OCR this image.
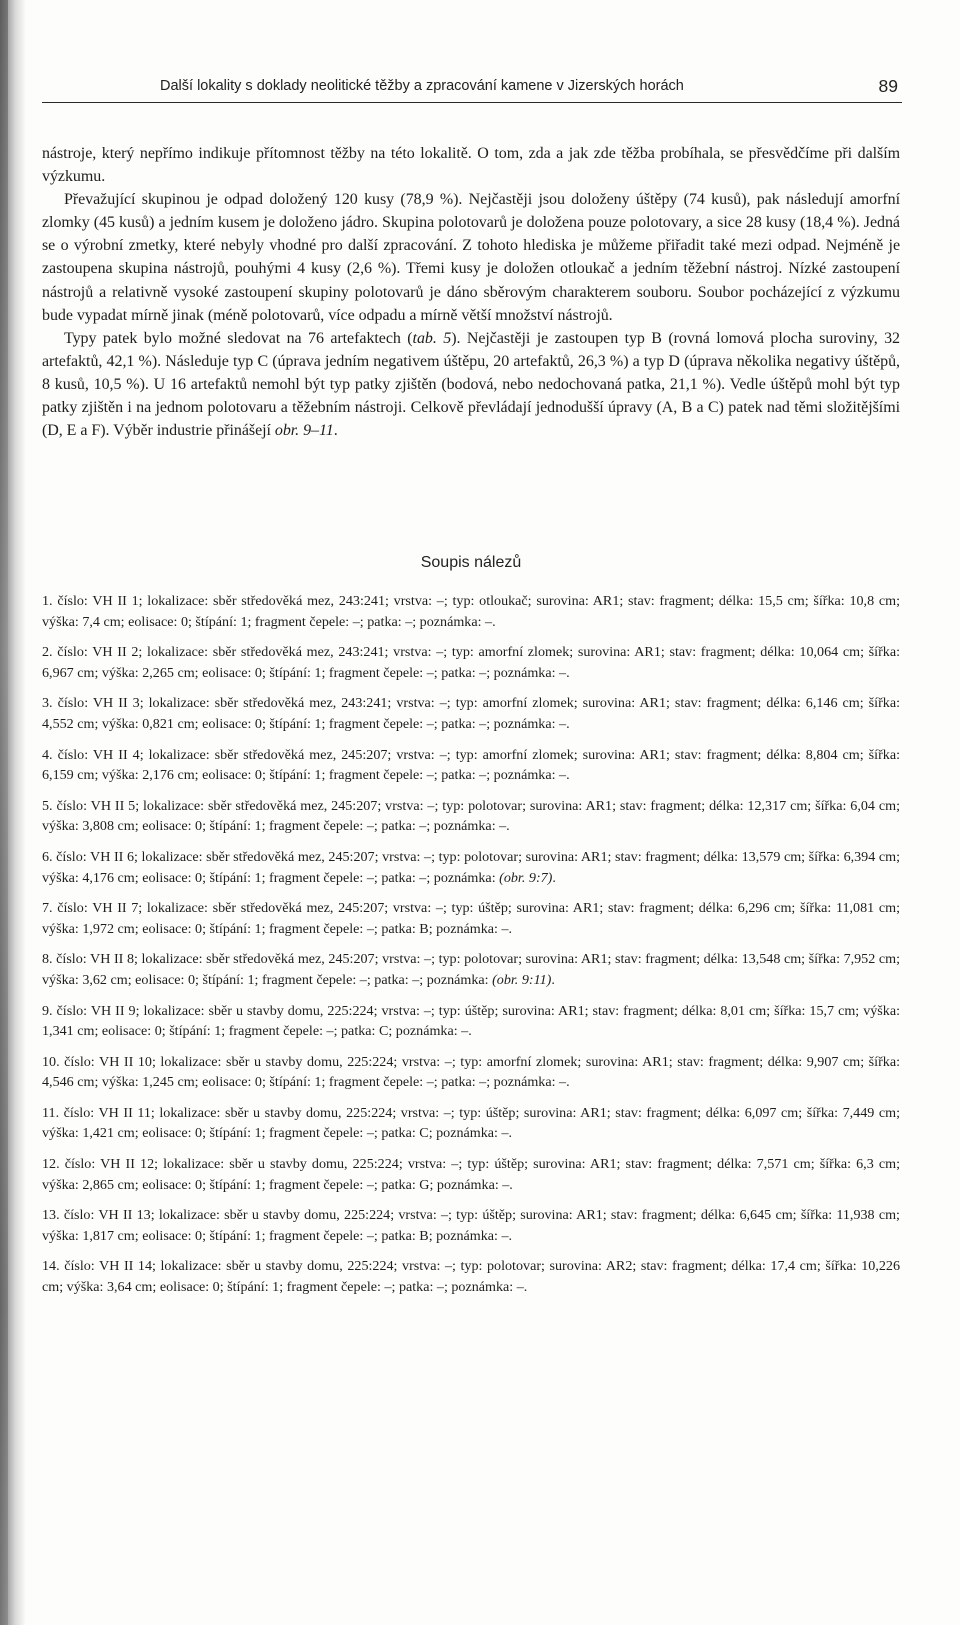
Další lokality s doklady neolitické těžby a zpracování kamene v Jizerských horách	89

nástroje, který nepřímo indikuje přítomnost těžby na této lokalitě. O tom, zda a jak zde těžba probíhala, se přesvědčíme při dalším výzkumu.

Převažující skupinou je odpad doložený 120 kusy (78,9 %). Nejčastěji jsou doloženy úštěpy (74 kusů), pak následují amorfní zlomky (45 kusů) a jedním kusem je doloženo jádro. Skupina polotovarů je doložena pouze polotovary, a sice 28 kusy (18,4 %). Jedná se o výrobní zmetky, které nebyly vhodné pro další zpracování. Z tohoto hlediska je můžeme přiřadit také mezi odpad. Nejméně je zastoupena skupina nástrojů, pouhými 4 kusy (2,6 %). Třemi kusy je doložen otloukač a jedním těžební nástroj. Nízké zastoupení nástrojů a relativně vysoké zastoupení skupiny polotovarů je dáno sběrovým charakterem souboru. Soubor pocházející z výzkumu bude vypadat mírně jinak (méně polotovarů, více odpadu a mírně větší množství nástrojů.

Typy patek bylo možné sledovat na 76 artefaktech (tab. 5). Nejčastěji je zastoupen typ B (rovná lomová plocha suroviny, 32 artefaktů, 42,1 %). Následuje typ C (úprava jedním negativem úštěpu, 20 artefaktů, 26,3 %) a typ D (úprava několika negativy úštěpů, 8 kusů, 10,5 %). U 16 artefaktů nemohl být typ patky zjištěn (bodová, nebo nedochovaná patka, 21,1 %). Vedle úštěpů mohl být typ patky zjištěn i na jednom polotovaru a těžebním nástroji. Celkově převládají jednodušší úpravy (A, B a C) patek nad těmi složitějšími (D, E a F). Výběr industrie přinášejí obr. 9–11.

Soupis nálezů

1. číslo: VH II 1; lokalizace: sběr středověká mez, 243:241; vrstva: –; typ: otloukač; surovina: AR1; stav: fragment; délka: 15,5 cm; šířka: 10,8 cm; výška: 7,4 cm; eolisace: 0; štípání: 1; fragment čepele: –; patka: –; poznámka: –.

2. číslo: VH II 2; lokalizace: sběr středověká mez, 243:241; vrstva: –; typ: amorfní zlomek; surovina: AR1; stav: fragment; délka: 10,064 cm; šířka: 6,967 cm; výška: 2,265 cm; eolisace: 0; štípání: 1; fragment čepele: –; patka: –; poznámka: –.

3. číslo: VH II 3; lokalizace: sběr středověká mez, 243:241; vrstva: –; typ: amorfní zlomek; surovina: AR1; stav: fragment; délka: 6,146 cm; šířka: 4,552 cm; výška: 0,821 cm; eolisace: 0; štípání: 1; fragment čepele: –; patka: –; poznámka: –.

4. číslo: VH II 4; lokalizace: sběr středověká mez, 245:207; vrstva: –; typ: amorfní zlomek; surovina: AR1; stav: fragment; délka: 8,804 cm; šířka: 6,159 cm; výška: 2,176 cm; eolisace: 0; štípání: 1; fragment čepele: –; patka: –; poznámka: –.

5. číslo: VH II 5; lokalizace: sběr středověká mez, 245:207; vrstva: –; typ: polotovar; surovina: AR1; stav: fragment; délka: 12,317 cm; šířka: 6,04 cm; výška: 3,808 cm; eolisace: 0; štípání: 1; fragment čepele: –; patka: –; poznámka: –.

6. číslo: VH II 6; lokalizace: sběr středověká mez, 245:207; vrstva: –; typ: polotovar; surovina: AR1; stav: fragment; délka: 13,579 cm; šířka: 6,394 cm; výška: 4,176 cm; eolisace: 0; štípání: 1; fragment čepele: –; patka: –; poznámka: (obr. 9:7).

7. číslo: VH II 7; lokalizace: sběr středověká mez, 245:207; vrstva: –; typ: úštěp; surovina: AR1; stav: fragment; délka: 6,296 cm; šířka: 11,081 cm; výška: 1,972 cm; eolisace: 0; štípání: 1; fragment čepele: –; patka: B; poznámka: –.

8. číslo: VH II 8; lokalizace: sběr středověká mez, 245:207; vrstva: –; typ: polotovar; surovina: AR1; stav: fragment; délka: 13,548 cm; šířka: 7,952 cm; výška: 3,62 cm; eolisace: 0; štípání: 1; fragment čepele: –; patka: –; poznámka: (obr. 9:11).

9. číslo: VH II 9; lokalizace: sběr u stavby domu, 225:224; vrstva: –; typ: úštěp; surovina: AR1; stav: fragment; délka: 8,01 cm; šířka: 15,7 cm; výška: 1,341 cm; eolisace: 0; štípání: 1; fragment čepele: –; patka: C; poznámka: –.

10. číslo: VH II 10; lokalizace: sběr u stavby domu, 225:224; vrstva: –; typ: amorfní zlomek; surovina: AR1; stav: fragment; délka: 9,907 cm; šířka: 4,546 cm; výška: 1,245 cm; eolisace: 0; štípání: 1; fragment čepele: –; patka: –; poznámka: –.

11. číslo: VH II 11; lokalizace: sběr u stavby domu, 225:224; vrstva: –; typ: úštěp; surovina: AR1; stav: fragment; délka: 6,097 cm; šířka: 7,449 cm; výška: 1,421 cm; eolisace: 0; štípání: 1; fragment čepele: –; patka: C; poznámka: –.

12. číslo: VH II 12; lokalizace: sběr u stavby domu, 225:224; vrstva: –; typ: úštěp; surovina: AR1; stav: fragment; délka: 7,571 cm; šířka: 6,3 cm; výška: 2,865 cm; eolisace: 0; štípání: 1; fragment čepele: –; patka: G; poznámka: –.

13. číslo: VH II 13; lokalizace: sběr u stavby domu, 225:224; vrstva: –; typ: úštěp; surovina: AR1; stav: fragment; délka: 6,645 cm; šířka: 11,938 cm; výška: 1,817 cm; eolisace: 0; štípání: 1; fragment čepele: –; patka: B; poznámka: –.

14. číslo: VH II 14; lokalizace: sběr u stavby domu, 225:224; vrstva: –; typ: polotovar; surovina: AR2; stav: fragment; délka: 17,4 cm; šířka: 10,226 cm; výška: 3,64 cm; eolisace: 0; štípání: 1; fragment čepele: –; patka: –; poznámka: –.
